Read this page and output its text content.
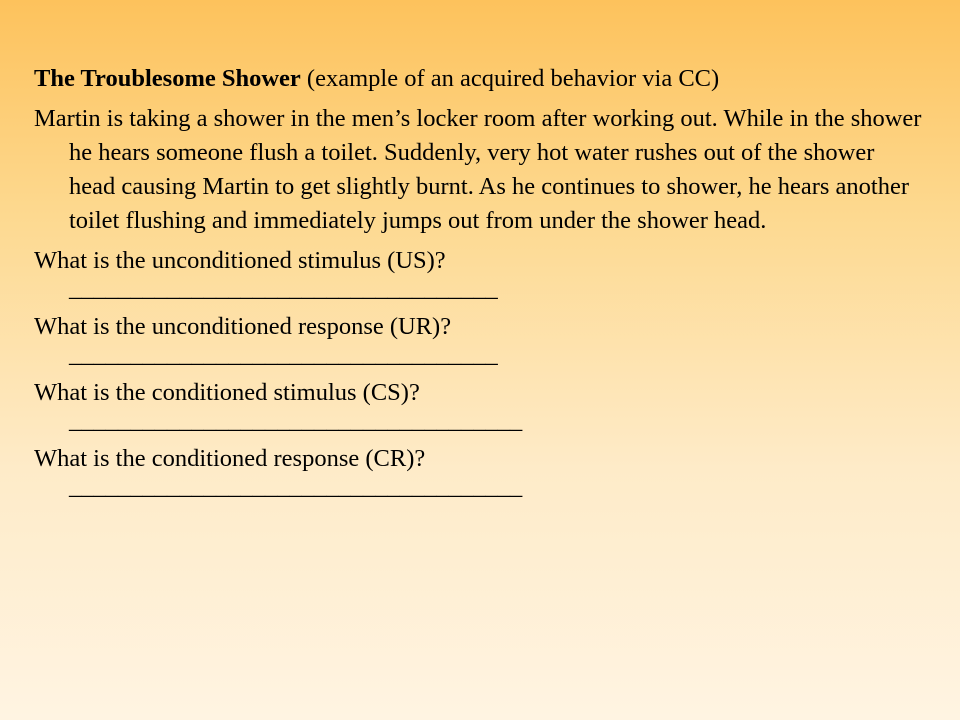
The Troublesome Shower (example of an acquired behavior via CC)

Martin is taking a shower in the men’s locker room after working out. While in the shower he hears someone flush a toilet. Suddenly, very hot water rushes out of the shower head causing Martin to get slightly burnt. As he continues to shower, he hears another toilet flushing and immediately jumps out from under the shower head.

What is the unconditioned stimulus (US)?
___________________________________

What is the unconditioned response (UR)?
___________________________________

What is the conditioned stimulus (CS)?
_____________________________________

What is the conditioned response (CR)?
_____________________________________
